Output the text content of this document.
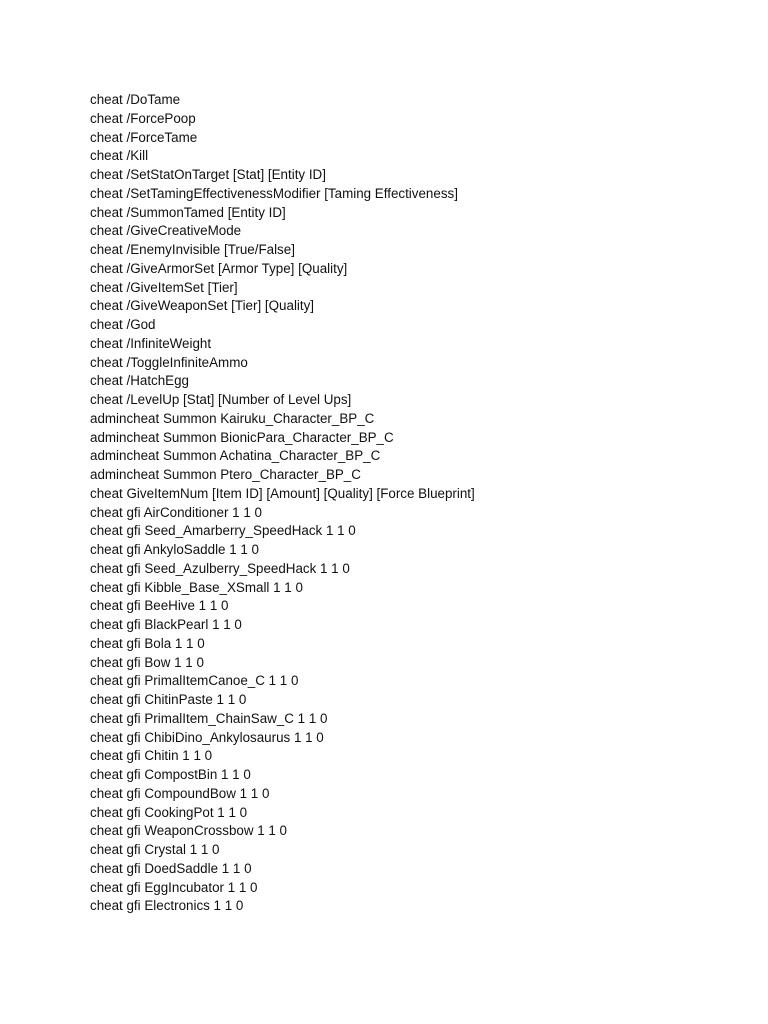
cheat /DoTame
cheat /ForcePoop
cheat /ForceTame
cheat /Kill
cheat /SetStatOnTarget [Stat] [Entity ID]
cheat /SetTamingEffectivenessModifier [Taming Effectiveness]
cheat /SummonTamed [Entity ID]
cheat /GiveCreativeMode
cheat /EnemyInvisible [True/False]
cheat /GiveArmorSet [Armor Type] [Quality]
cheat /GiveItemSet [Tier]
cheat /GiveWeaponSet [Tier] [Quality]
cheat /God
cheat /InfiniteWeight
cheat /ToggleInfiniteAmmo
cheat /HatchEgg
cheat /LevelUp [Stat] [Number of Level Ups]
admincheat Summon Kairuku_Character_BP_C
admincheat Summon BionicPara_Character_BP_C
admincheat Summon Achatina_Character_BP_C
admincheat Summon Ptero_Character_BP_C
cheat GiveItemNum [Item ID] [Amount] [Quality] [Force Blueprint]
cheat gfi AirConditioner 1 1 0
cheat gfi Seed_Amarberry_SpeedHack 1 1 0
cheat gfi AnkyloSaddle 1 1 0
cheat gfi Seed_Azulberry_SpeedHack 1 1 0
cheat gfi Kibble_Base_XSmall 1 1 0
cheat gfi BeeHive 1 1 0
cheat gfi BlackPearl 1 1 0
cheat gfi Bola 1 1 0
cheat gfi Bow 1 1 0
cheat gfi PrimalItemCanoe_C 1 1 0
cheat gfi ChitinPaste 1 1 0
cheat gfi PrimalItem_ChainSaw_C 1 1 0
cheat gfi ChibiDino_Ankylosaurus 1 1 0
cheat gfi Chitin 1 1 0
cheat gfi CompostBin 1 1 0
cheat gfi CompoundBow 1 1 0
cheat gfi CookingPot 1 1 0
cheat gfi WeaponCrossbow 1 1 0
cheat gfi Crystal 1 1 0
cheat gfi DoedSaddle 1 1 0
cheat gfi EggIncubator 1 1 0
cheat gfi Electronics 1 1 0
